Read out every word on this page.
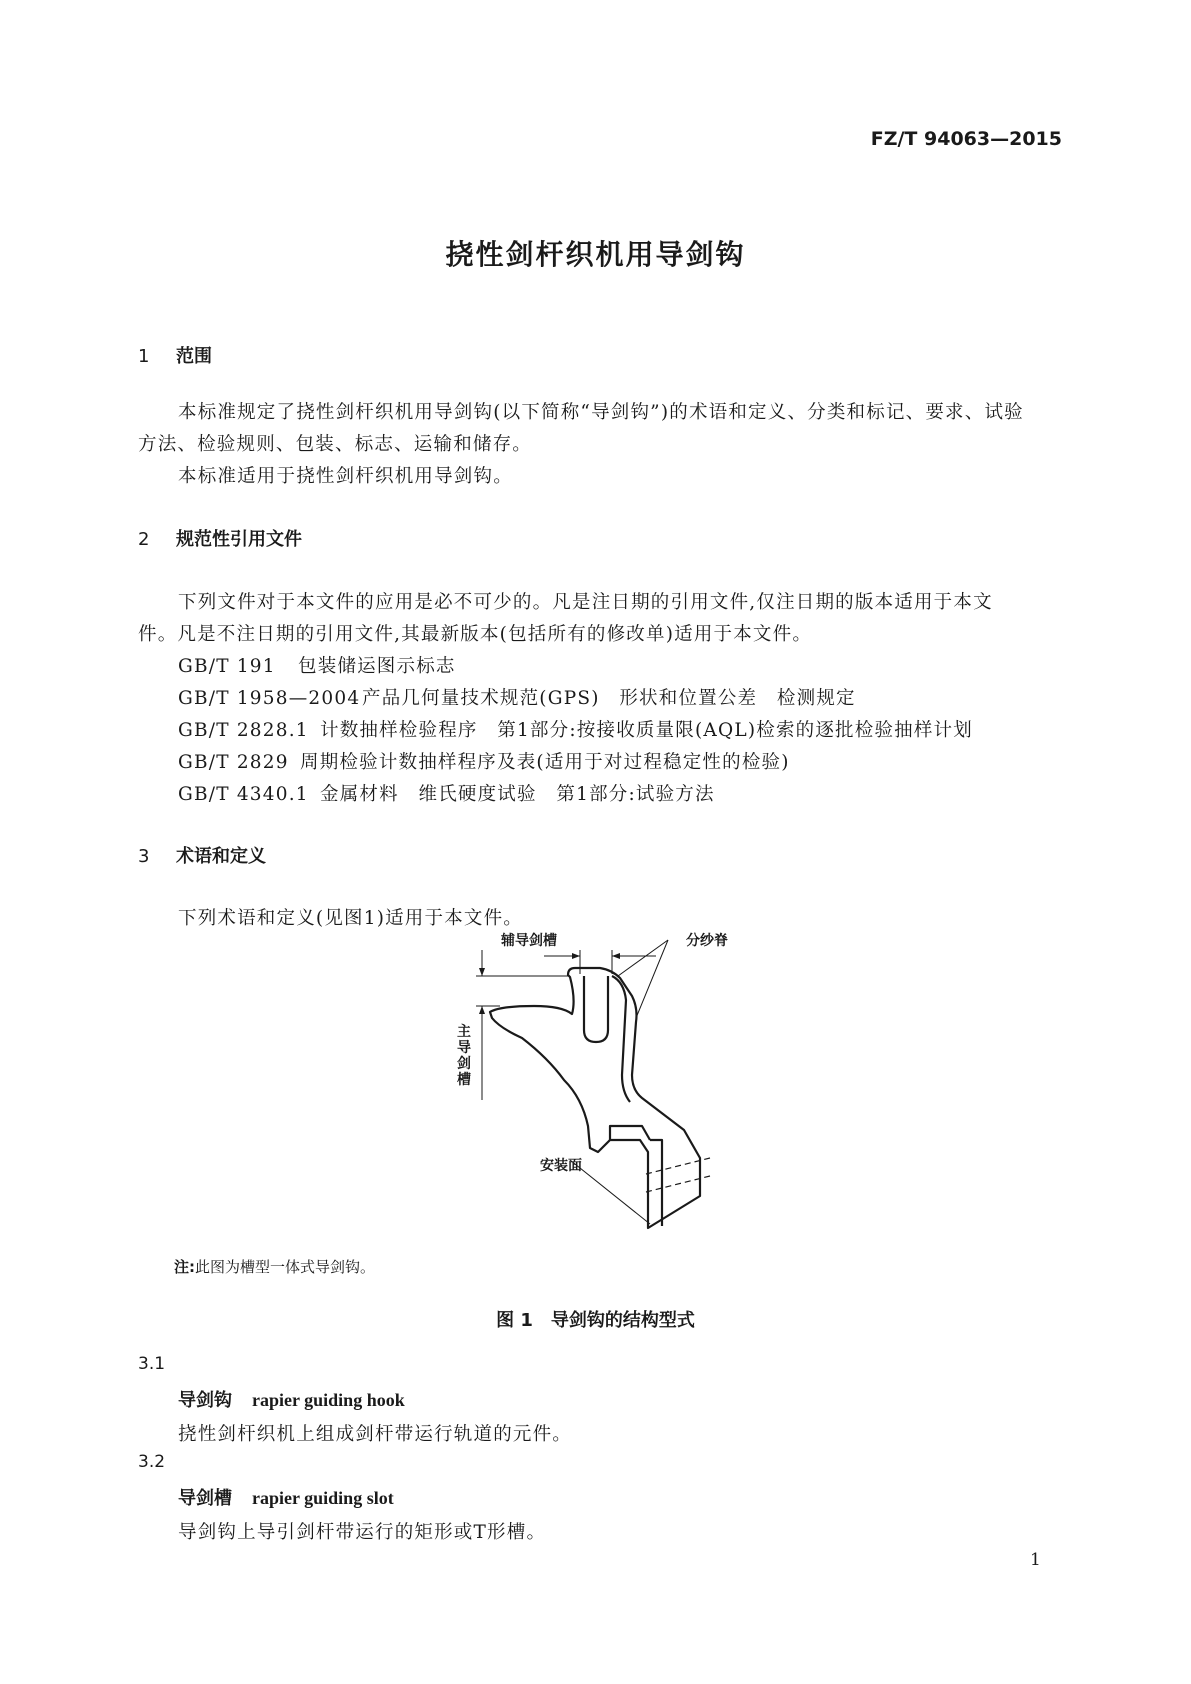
FZ/T 94063—2015
挠性剑杆织机用导剑钩
1 范围
本标准规定了挠性剑杆织机用导剑钩(以下简称“导剑钩”)的术语和定义、分类和标记、要求、试验
方法、检验规则、包装、标志、运输和储存。
本标准适用于挠性剑杆织机用导剑钩。
2 规范性引用文件
下列文件对于本文件的应用是必不可少的。凡是注日期的引用文件,仅注日期的版本适用于本文
件。凡是不注日期的引用文件,其最新版本(包括所有的修改单)适用于本文件。
GB/T 191 包装储运图示标志
GB/T 1958—2004产品几何量技术规范(GPS)　形状和位置公差　检测规定
GB/T 2828.1 计数抽样检验程序　第1部分:按接收质量限(AQL)检索的逐批检验抽样计划
GB/T 2829 周期检验计数抽样程序及表(适用于对过程稳定性的检验)
GB/T 4340.1 金属材料　维氏硬度试验　第1部分:试验方法
3 术语和定义
下列术语和定义(见图1)适用于本文件。
辅导剑槽	分纱脊
主导剑槽
安装面
注:此图为槽型一体式导剑钩。
图 1　导剑钩的结构型式
3.1
导剑钩 rapier guiding hook
挠性剑杆织机上组成剑杆带运行轨道的元件。
3.2
导剑槽 rapier guiding slot
导剑钩上导引剑杆带运行的矩形或T形槽。
1
